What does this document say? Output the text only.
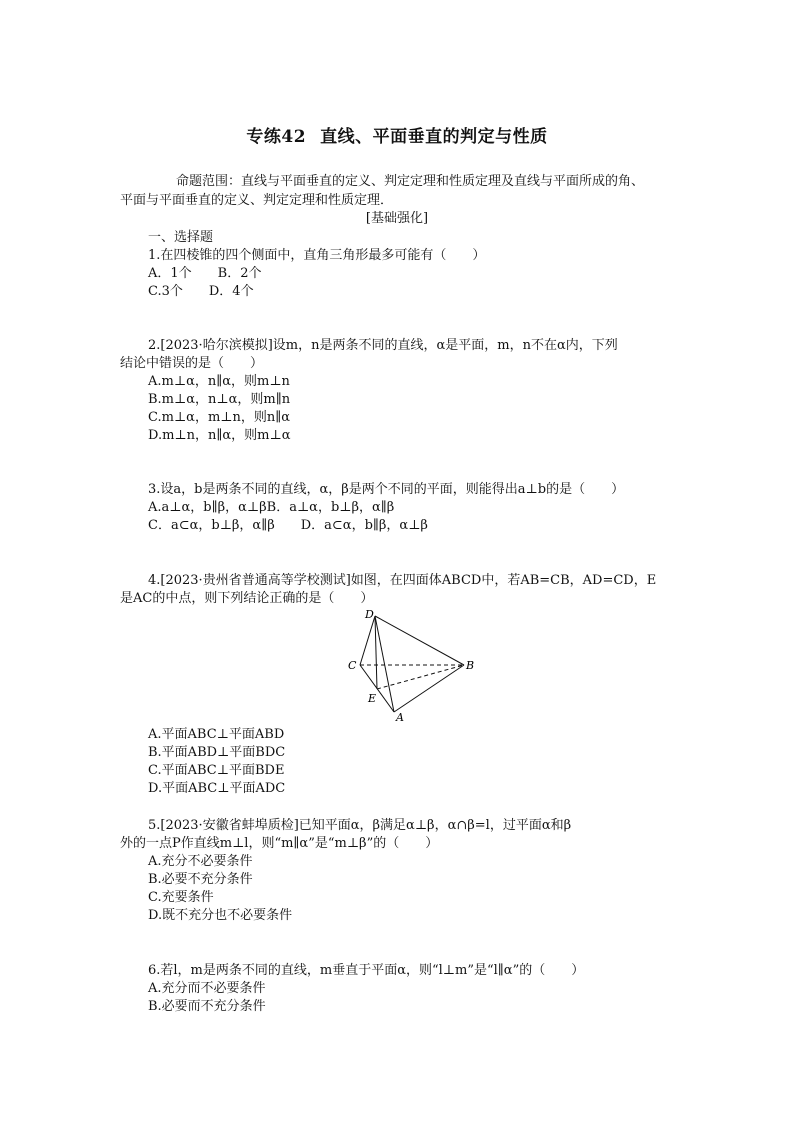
专练42 直线、平面垂直的判定与性质
命题范围：直线与平面垂直的定义、判定定理和性质定理及直线与平面所成的角、
平面与平面垂直的定义、判定定理和性质定理．
[基础强化]
一、选择题
1.在四棱锥的四个侧面中，直角三角形最多可能有（　　）
A．1个　　B．2个
C.3个　　D．4个
2.[2023·哈尔滨模拟]设m，n是两条不同的直线，α是平面，m，n不在α内，下列
结论中错误的是（　　）
A.m⊥α，n∥α，则m⊥n
B.m⊥α，n⊥α，则m∥n
C.m⊥α，m⊥n，则n∥α
D.m⊥n，n∥α，则m⊥α
3.设a，b是两条不同的直线，α，β是两个不同的平面，则能得出a⊥b的是（　　）
A.a⊥α，b∥β，α⊥βB．a⊥α，b⊥β，α∥β
C．a⊂α，b⊥β，α∥β　　D．a⊂α，b∥β，α⊥β
4.[2023·贵州省普通高等学校测试]如图，在四面体ABCD中，若AB=CB，AD=CD，E
是AC的中点，则下列结论正确的是（　　）
D
C	B
E
A
A.平面ABC⊥平面ABD
B.平面ABD⊥平面BDC
C.平面ABC⊥平面BDE
D.平面ABC⊥平面ADC
5.[2023·安徽省蚌埠质检]已知平面α，β满足α⊥β，α∩β=l，过平面α和β
外的一点P作直线m⊥l，则“m∥α”是“m⊥β”的（　　）
A.充分不必要条件
B.必要不充分条件
C.充要条件
D.既不充分也不必要条件
6.若l，m是两条不同的直线，m垂直于平面α，则“l⊥m”是“l∥α”的（　　）
A.充分而不必要条件
B.必要而不充分条件
